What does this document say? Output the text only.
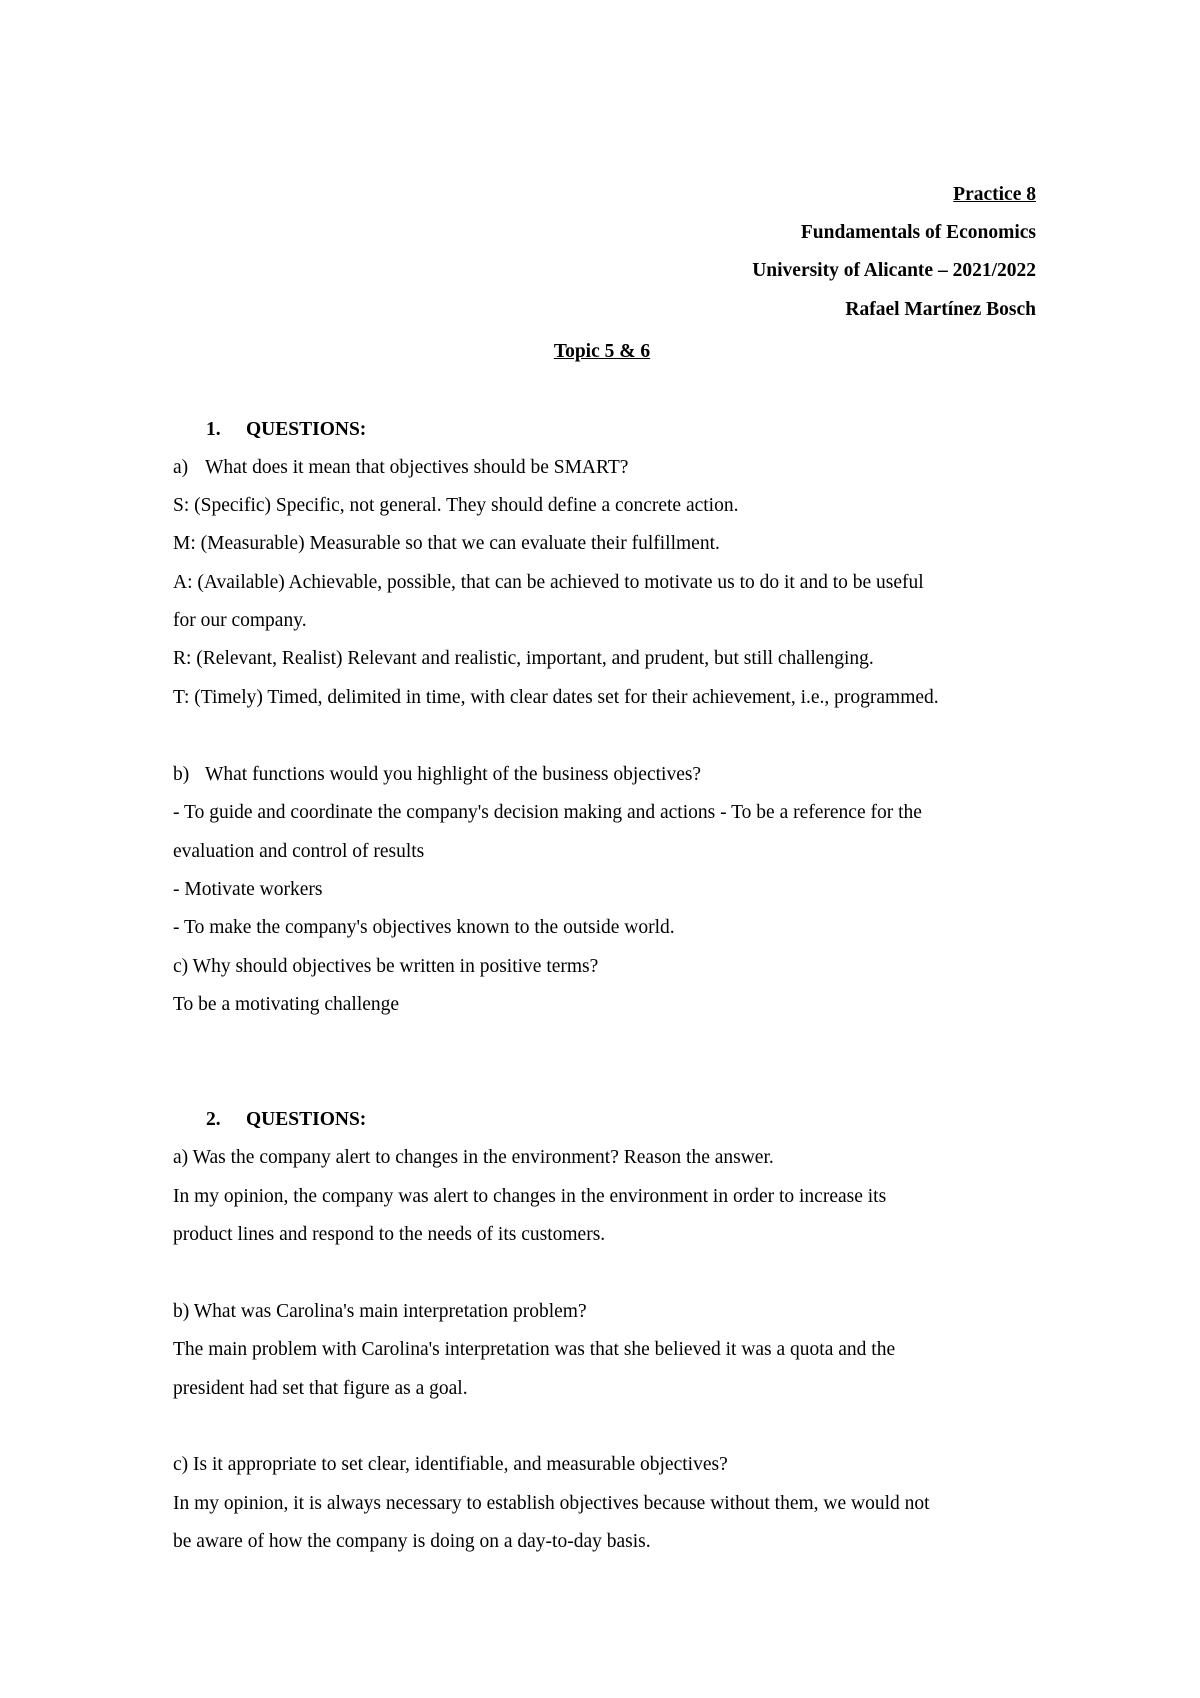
Practice 8
Fundamentals of Economics
University of Alicante – 2021/2022
Rafael Martínez Bosch
Topic 5 & 6
1. QUESTIONS:
a) What does it mean that objectives should be SMART?
S: (Specific) Specific, not general. They should define a concrete action.
M: (Measurable) Measurable so that we can evaluate their fulfillment.
A: (Available) Achievable, possible, that can be achieved to motivate us to do it and to be useful
for our company.
R: (Relevant, Realist) Relevant and realistic, important, and prudent, but still challenging.
T: (Timely) Timed, delimited in time, with clear dates set for their achievement, i.e., programmed.
b) What functions would you highlight of the business objectives?
- To guide and coordinate the company's decision making and actions - To be a reference for the
evaluation and control of results
- Motivate workers
- To make the company's objectives known to the outside world.
c) Why should objectives be written in positive terms?
To be a motivating challenge
2. QUESTIONS:
a) Was the company alert to changes in the environment? Reason the answer.
In my opinion, the company was alert to changes in the environment in order to increase its
product lines and respond to the needs of its customers.
b) What was Carolina's main interpretation problem?
The main problem with Carolina's interpretation was that she believed it was a quota and the
president had set that figure as a goal.
c) Is it appropriate to set clear, identifiable, and measurable objectives?
In my opinion, it is always necessary to establish objectives because without them, we would not
be aware of how the company is doing on a day-to-day basis.
